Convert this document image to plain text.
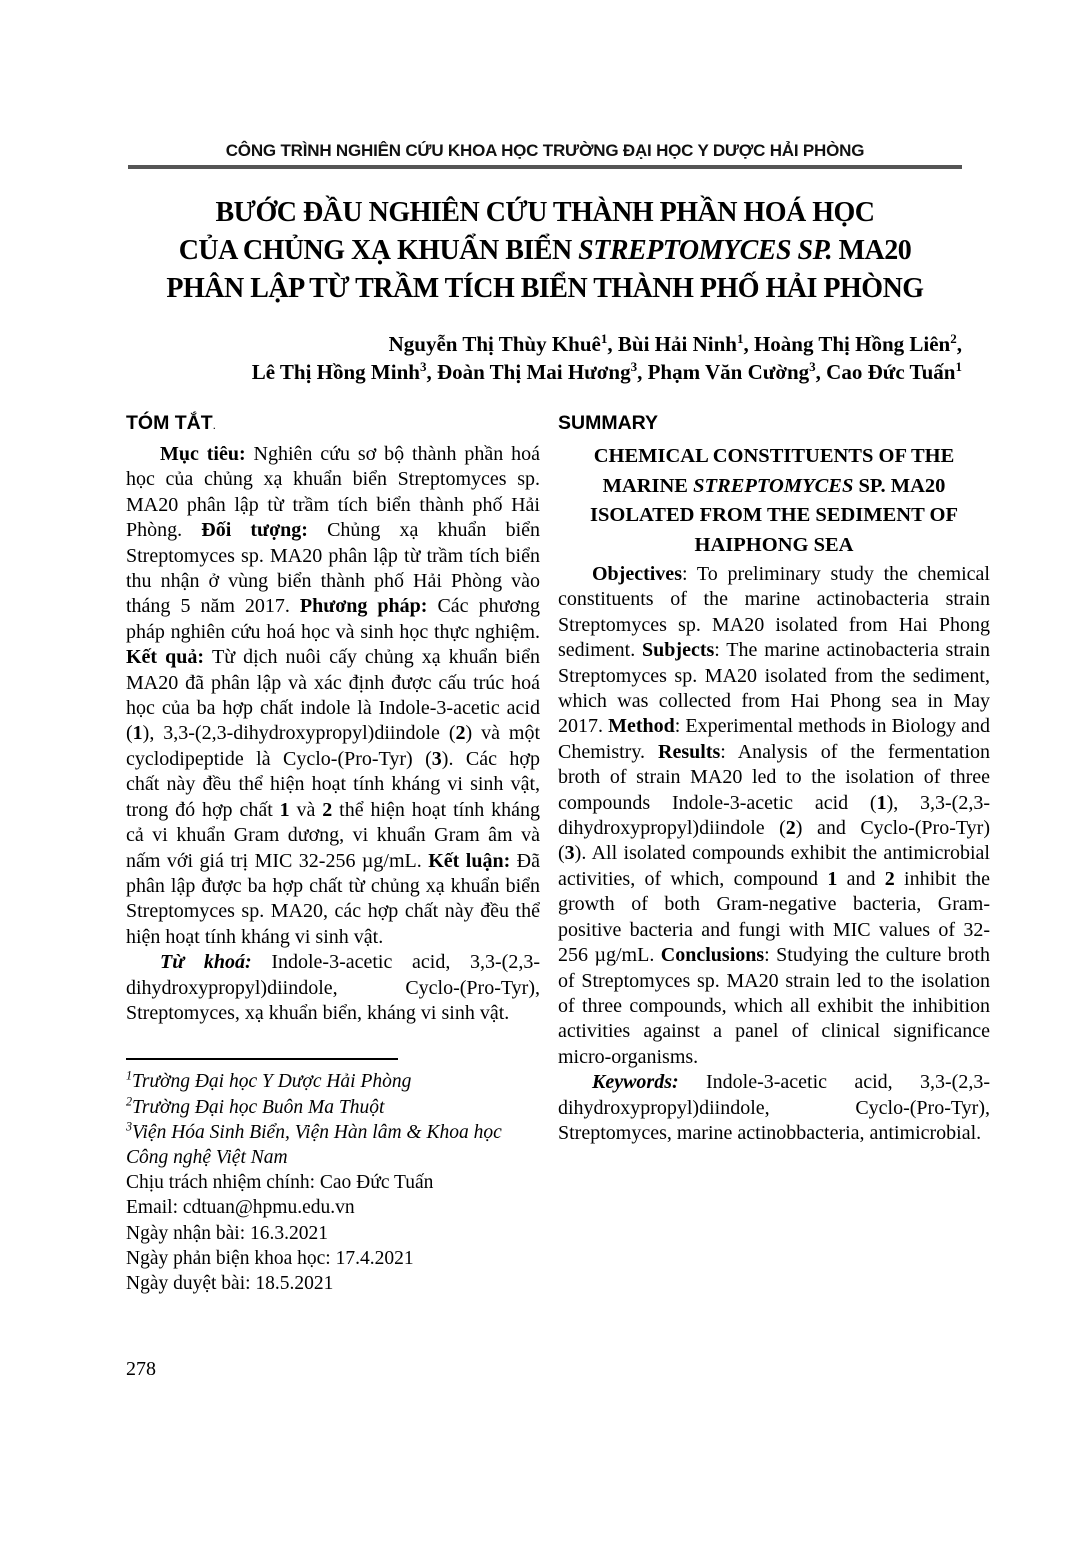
CÔNG TRÌNH NGHIÊN CỨU KHOA HỌC TRƯỜNG ĐẠI HỌC Y DƯỢC HẢI PHÒNG
BƯỚC ĐẦU NGHIÊN CỨU THÀNH PHẦN HOÁ HỌC
CỦA CHỦNG XẠ KHUẨN BIỂN STREPTOMYCES SP. MA20
PHÂN LẬP TỪ TRẦM TÍCH BIỂN THÀNH PHỐ HẢI PHÒNG
Nguyễn Thị Thùy Khuê$^1$, Bùi Hải Ninh$^1$, Hoàng Thị Hồng Liên$^2$,
Lê Thị Hồng Minh$^3$, Đoàn Thị Mai Hương$^3$, Phạm Văn Cường$^3$, Cao Đức Tuấn$^1$
TÓM TẮT.

Mục tiêu: Nghiên cứu sơ bộ thành phần hoá học của chủng xạ khuẩn biển Streptomyces sp. MA20 phân lập từ trầm tích biển thành phố Hải Phòng. Đối tượng: Chủng xạ khuẩn biển Streptomyces sp. MA20 phân lập từ trầm tích biển thu nhận ở vùng biển thành phố Hải Phòng vào tháng 5 năm 2017. Phương pháp: Các phương pháp nghiên cứu hoá học và sinh học thực nghiệm. Kết quả: Từ dịch nuôi cấy chủng xạ khuẩn biển MA20 đã phân lập và xác định được cấu trúc hoá học của ba hợp chất indole là Indole-3-acetic acid (1), 3,3-(2,3-dihydroxypropyl)diindole (2) và một cyclodipeptide là Cyclo-(Pro-Tyr) (3). Các hợp chất này đều thể hiện hoạt tính kháng vi sinh vật, trong đó hợp chất 1 và 2 thể hiện hoạt tính kháng cả vi khuẩn Gram dương, vi khuẩn Gram âm và nấm với giá trị MIC 32-256 µg/mL. Kết luận: Đã phân lập được ba hợp chất từ chủng xạ khuẩn biển Streptomyces sp. MA20, các hợp chất này đều thể hiện hoạt tính kháng vi sinh vật.

Từ khoá: Indole-3-acetic acid, 3,3-(2,3-dihydroxypropyl)diindole, Cyclo-(Pro-Tyr), Streptomyces, xạ khuẩn biển, kháng vi sinh vật.

$^1$Trường Đại học Y Dược Hải Phòng

$^2$Trường Đại học Buôn Ma Thuột

$^3$Viện Hóa Sinh Biển, Viện Hàn lâm & Khoa học Công nghệ Việt Nam

Chịu trách nhiệm chính: Cao Đức Tuấn

Email: cdtuan@hpmu.edu.vn

Ngày nhận bài: 16.3.2021

Ngày phản biện khoa học: 17.4.2021

Ngày duyệt bài: 18.5.2021

SUMMARY
CHEMICAL CONSTITUENTS OF THE MARINE STREPTOMYCES SP. MA20 ISOLATED FROM THE SEDIMENT OF HAIPHONG SEA

Objectives: To preliminary study the chemical constituents of the marine actinobacteria strain Streptomyces sp. MA20 isolated from Hai Phong sediment. Subjects: The marine actinobacteria strain Streptomyces sp. MA20 isolated from the sediment, which was collected from Hai Phong sea in May 2017. Method: Experimental methods in Biology and Chemistry. Results: Analysis of the fermentation broth of strain MA20 led to the isolation of three compounds Indole-3-acetic acid (1), 3,3-(2,3-dihydroxypropyl)diindole (2) and Cyclo-(Pro-Tyr) (3). All isolated compounds exhibit the antimicrobial activities, of which, compound 1 and 2 inhibit the growth of both Gram-negative bacteria, Gram-positive bacteria and fungi with MIC values of 32-256 µg/mL. Conclusions: Studying the culture broth of Streptomyces sp. MA20 strain led to the isolation of three compounds, which all exhibit the inhibition activities against a panel of clinical significance micro-organisms.

Keywords: Indole-3-acetic acid, 3,3-(2,3-dihydroxypropyl)diindole, Cyclo-(Pro-Tyr), Streptomyces, marine actinobbacteria, antimicrobial.

278
